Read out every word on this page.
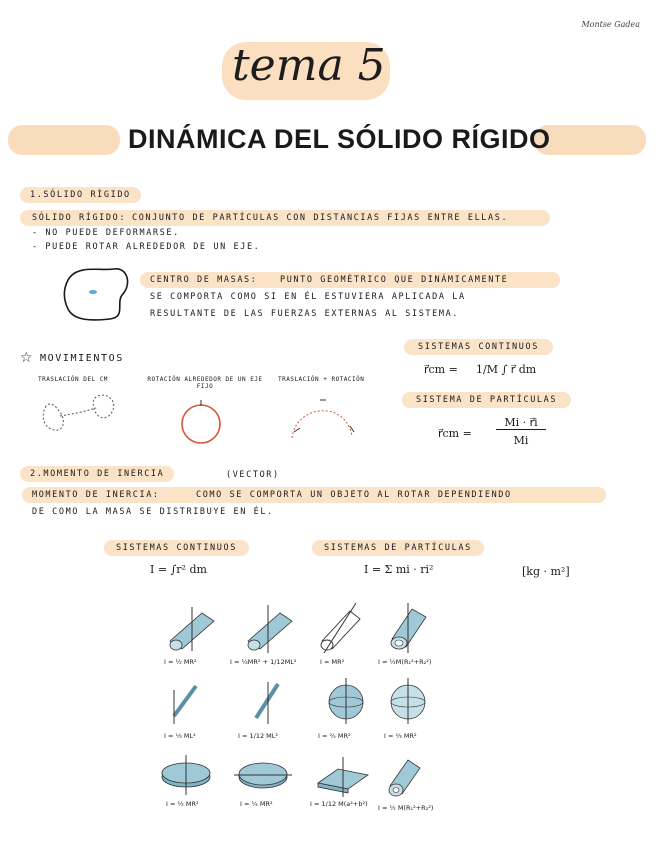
Montse Gadea
tema 5
DINÁMICA DEL SÓLIDO RÍGIDO
1.SÓLIDO RÍGIDO
SÓLIDO RÍGIDO: CONJUNTO DE PARTÍCULAS CON DISTANCIAS FIJAS ENTRE ELLAS.
- NO PUEDE DEFORMARSE.
- PUEDE ROTAR ALREDEDOR DE UN EJE.
CENTRO DE MASAS:	PUNTO GEOMÉTRICO QUE DINÁMICAMENTE
SE COMPORTA COMO SI EN ÉL ESTUVIERA APLICADA LA
RESULTANTE DE LAS FUERZAS EXTERNAS AL SISTEMA.
☆ MOVIMIENTOS
TRASLACIÓN DEL CM	ROTACIÓN ALREDEDOR DE UN EJE FIJO
TRASLACIÓN + ROTACIÓN
SISTEMAS CONTINUOS
r⃗cm = 1/M ∫ r⃗ dm
SISTEMA DE PARTÍCULAS
r⃗cm =
Mi · r⃗i
Mi
2.MOMENTO DE INERCIA	(VECTOR)
MOMENTO DE INERCIA:	COMO SE COMPORTA UN OBJETO AL ROTAR DEPENDIENDO
DE COMO LA MASA SE DISTRIBUYE EN ÉL.
SISTEMAS CONTINUOS
I = ∫r² dm
SISTEMAS DE PARTÍCULAS
I = Σ mi · ri²	[kg · m²]
I = ½ MR²	I = ¼MR² + 1/12ML²	I = MR²	I = ½M(R₁²+R₂²)
I = ⅓ ML²	I = 1/12 ML²	I = ⅖ MR²	I = ⅔ MR²
I = ½ MR²	I = ¼ MR²	I = 1/12 M(a²+b²) I = ½ M(R₁²+R₂²)
